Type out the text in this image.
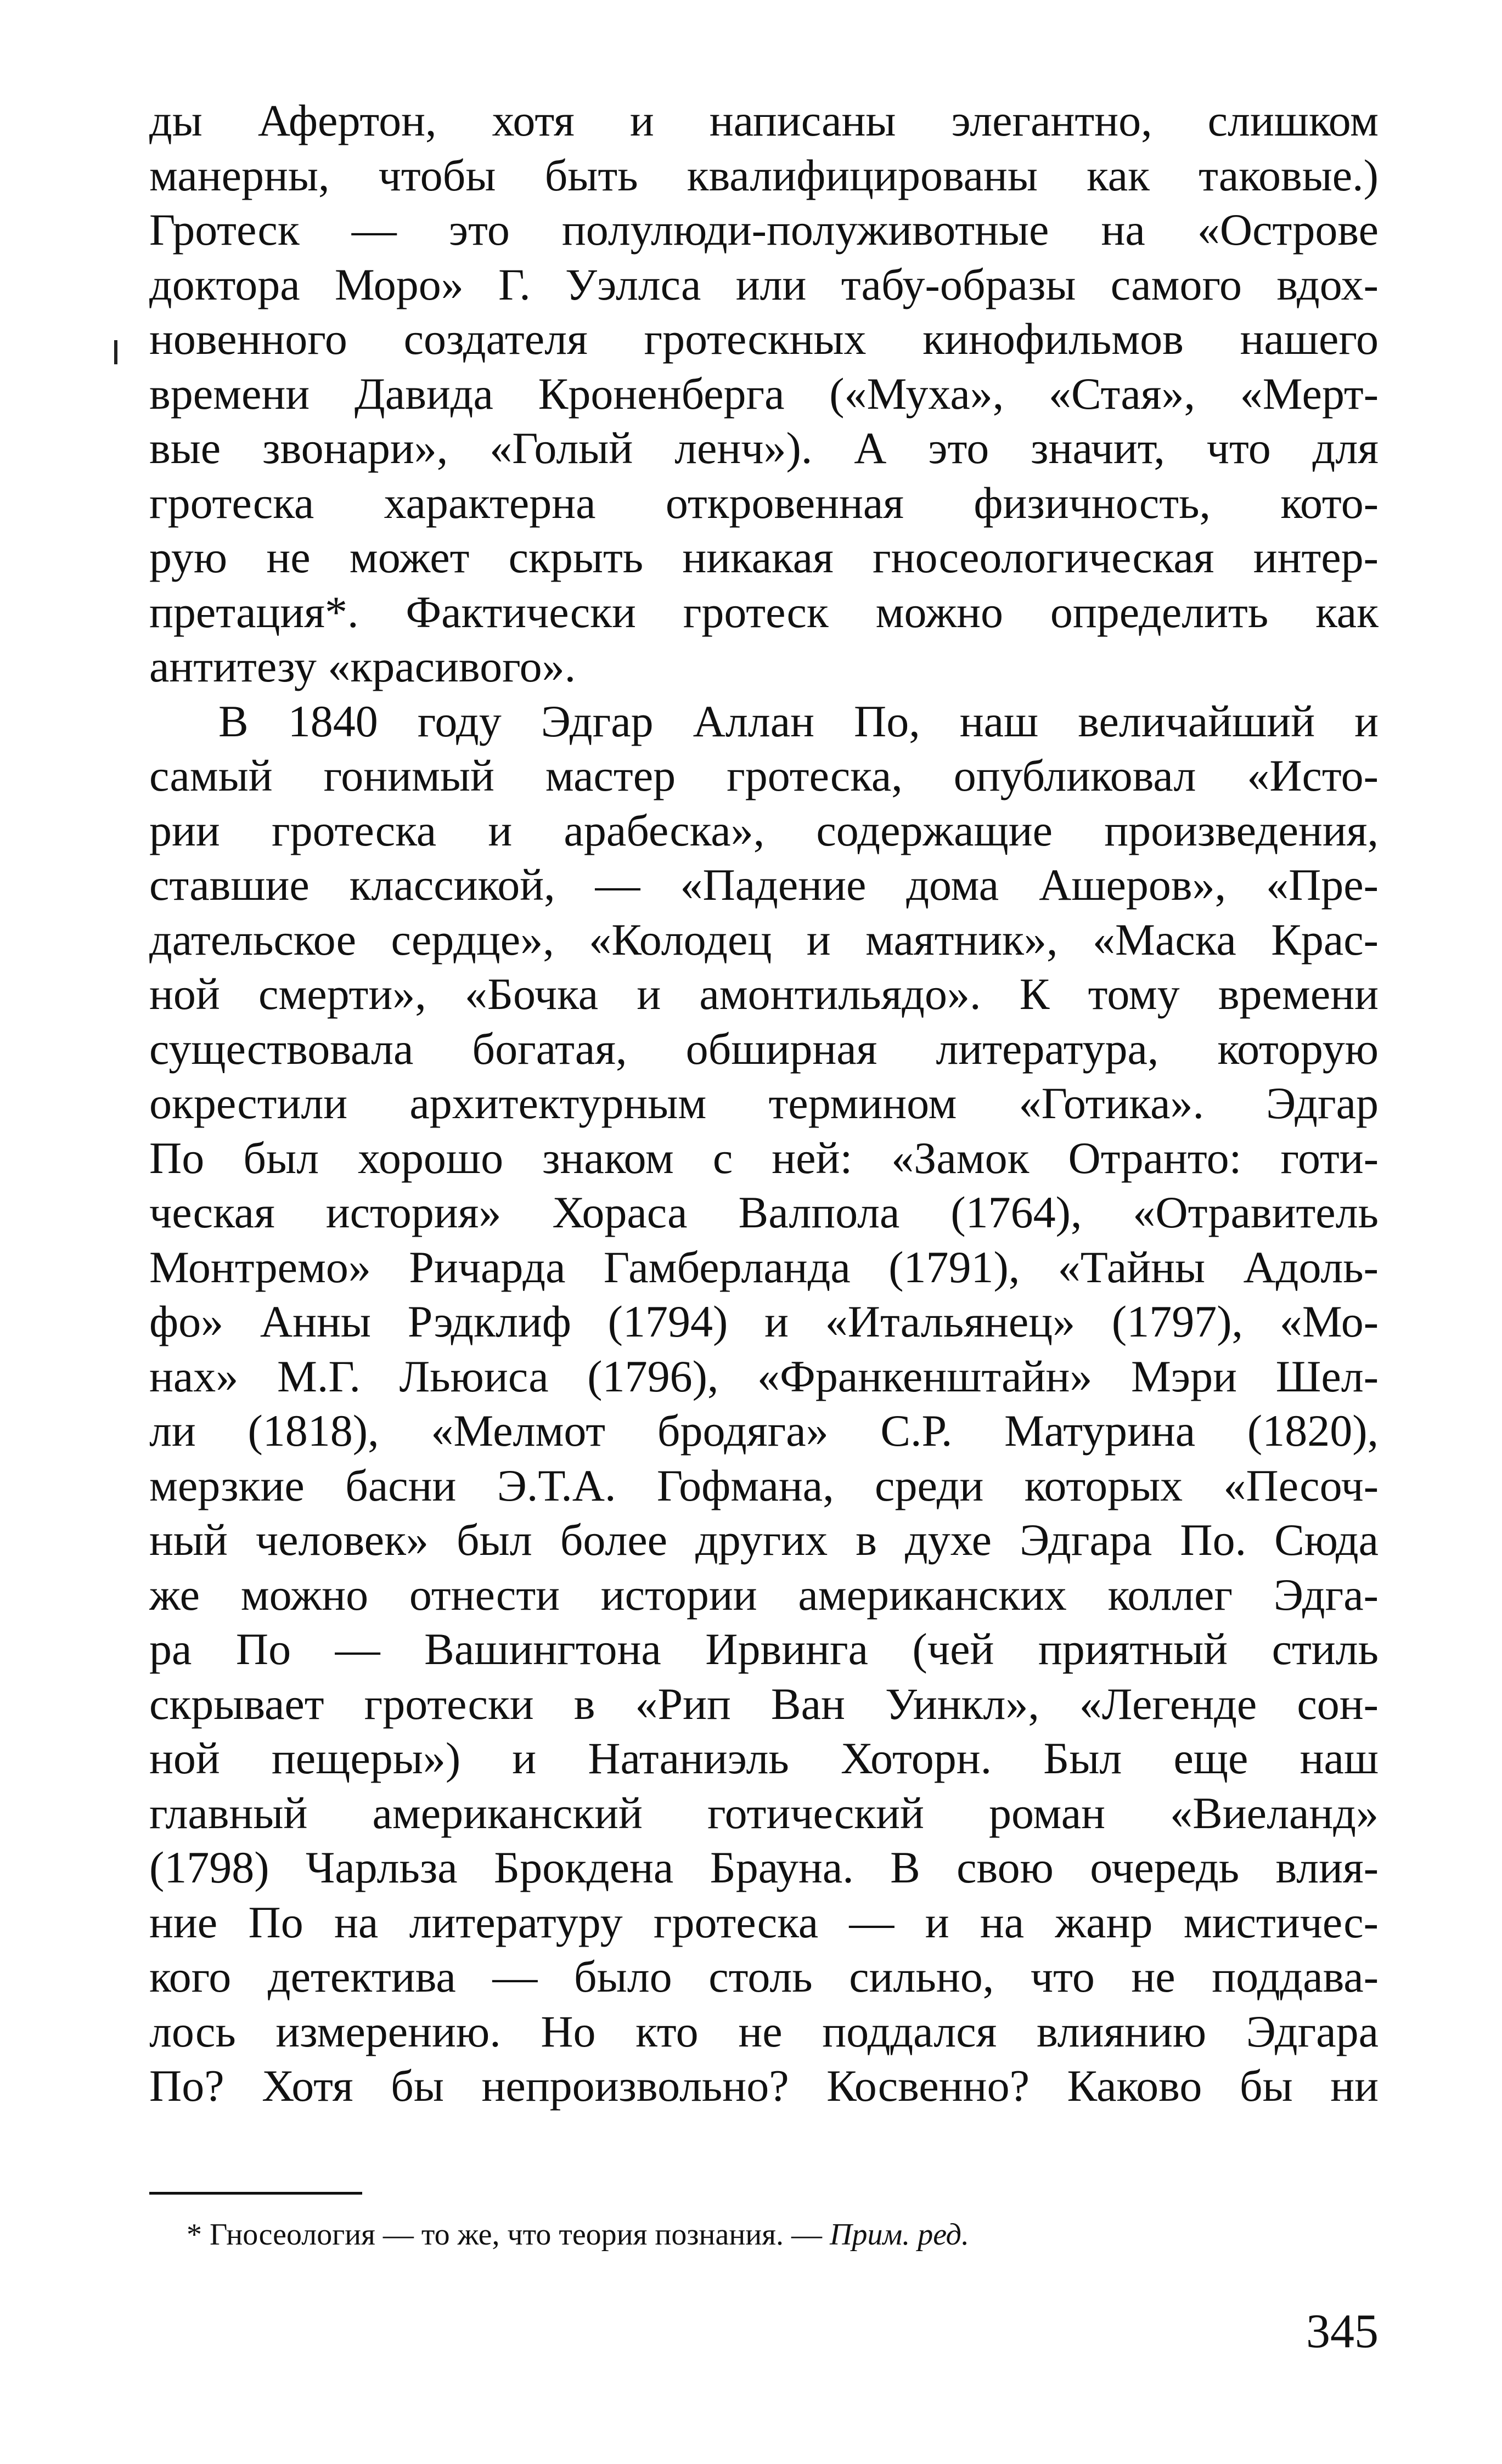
ды Афертон, хотя и написаны элегантно, слишком
манерны, чтобы быть квалифицированы как таковые.)
Гротеск — это полулюди-полуживотные на «Острове
доктора Моро» Г. Уэллса или табу-образы самого вдох-
новенного создателя гротескных кинофильмов нашего
времени Давида Кроненберга («Муха», «Стая», «Мерт-
вые звонари», «Голый ленч»). А это значит, что для
гротеска характерна откровенная физичность, кото-
рую не может скрыть никакая гносеологическая интер-
претация*. Фактически гротеск можно определить как
антитезу «красивого».
В 1840 году Эдгар Аллан По, наш величайший и
самый гонимый мастер гротеска, опубликовал «Исто-
рии гротеска и арабеска», содержащие произведения,
ставшие классикой, — «Падение дома Ашеров», «Пре-
дательское сердце», «Колодец и маятник», «Маска Крас-
ной смерти», «Бочка и амонтильядо». К тому времени
существовала богатая, обширная литература, которую
окрестили архитектурным термином «Готика». Эдгар
По был хорошо знаком с ней: «Замок Отранто: готи-
ческая история» Хораса Валпола (1764), «Отравитель
Монтремо» Ричарда Гамберланда (1791), «Тайны Адоль-
фо» Анны Рэдклиф (1794) и «Итальянец» (1797), «Мо-
нах» М.Г. Льюиса (1796), «Франкенштайн» Мэри Шел-
ли (1818), «Мелмот бродяга» С.Р. Матурина (1820),
мерзкие басни Э.Т.А. Гофмана, среди которых «Песоч-
ный человек» был более других в духе Эдгара По. Сюда
же можно отнести истории американских коллег Эдга-
ра По — Вашингтона Ирвинга (чей приятный стиль
скрывает гротески в «Рип Ван Уинкл», «Легенде сон-
ной пещеры») и Натаниэль Хоторн. Был еще наш
главный американский готический роман «Виеланд»
(1798) Чарльза Брокдена Брауна. В свою очередь влия-
ние По на литературу гротеска — и на жанр мистичес-
кого детектива — было столь сильно, что не поддава-
лось измерению. Но кто не поддался влиянию Эдгара
По? Хотя бы непроизвольно? Косвенно? Каково бы ни
* Гносеология — то же, что теория познания. — Прим. ред.
345
